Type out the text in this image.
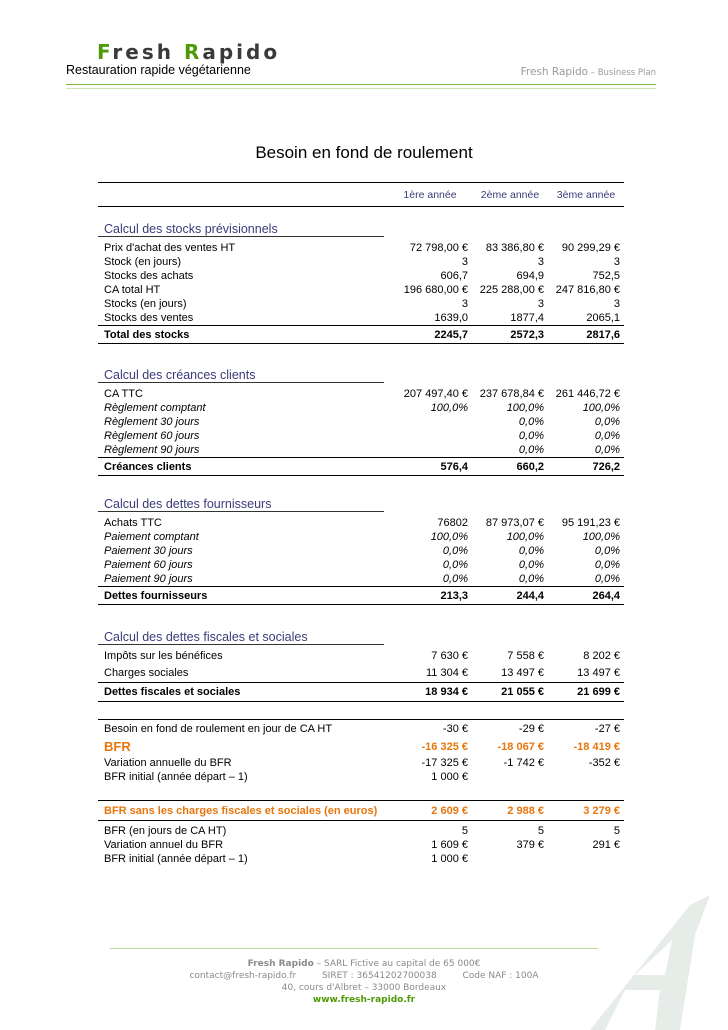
Fresh Rapido
Restauration rapide végétarienne	Fresh Rapido – Business Plan
Besoin en fond de roulement
	1ère année	2ème année	3ème année
Calcul des stocks prévisionnels
Prix d'achat des ventes HT	72 798,00 €	83 386,80 €	90 299,29 €
Stock (en jours)	3	3	3
Stocks des achats	606,7	694,9	752,5
CA total HT	196 680,00 €	225 288,00 €	247 816,80 €
Stocks (en jours)	3	3	3
Stocks des ventes	1639,0	1877,4	2065,1
Total des stocks	2245,7	2572,3	2817,6
Calcul des créances clients
CA TTC	207 497,40 €	237 678,84 €	261 446,72 €
Règlement comptant	100,0%	100,0%	100,0%
Règlement 30 jours		0,0%	0,0%
Règlement 60 jours		0,0%	0,0%
Règlement 90 jours		0,0%	0,0%
Créances clients	576,4	660,2	726,2
Calcul des dettes fournisseurs
Achats TTC	76802	87 973,07 €	95 191,23 €
Paiement comptant	100,0%	100,0%	100,0%
Paiement 30 jours	0,0%	0,0%	0,0%
Paiement 60 jours	0,0%	0,0%	0,0%
Paiement 90 jours	0,0%	0,0%	0,0%
Dettes fournisseurs	213,3	244,4	264,4
Calcul des dettes fiscales et sociales
Impôts sur les bénéfices	7 630 €	7 558 €	8 202 €
Charges sociales	11 304 €	13 497 €	13 497 €
Dettes fiscales et sociales	18 934 €	21 055 €	21 699 €
Besoin en fond de roulement en jour de CA HT	-30 €	-29 €	-27 €
BFR	-16 325 €	-18 067 €	-18 419 €
Variation annuelle du BFR	-17 325 €	-1 742 €	-352 €
BFR initial (année départ – 1)	1 000 €		
BFR sans les charges fiscales et sociales (en euros)	2 609 €	2 988 €	3 279 €
BFR (en jours de CA HT)	5	5	5
Variation annuel du BFR	1 609 €	379 €	291 €
BFR initial (année départ – 1)	1 000 €		
Fresh Rapido – SARL Fictive au capital de 65 000€
contact@fresh-rapido.fr	SIRET : 36541202700038	Code NAF : 100A
40, cours d'Albret – 33000 Bordeaux
www.fresh-rapido.fr
